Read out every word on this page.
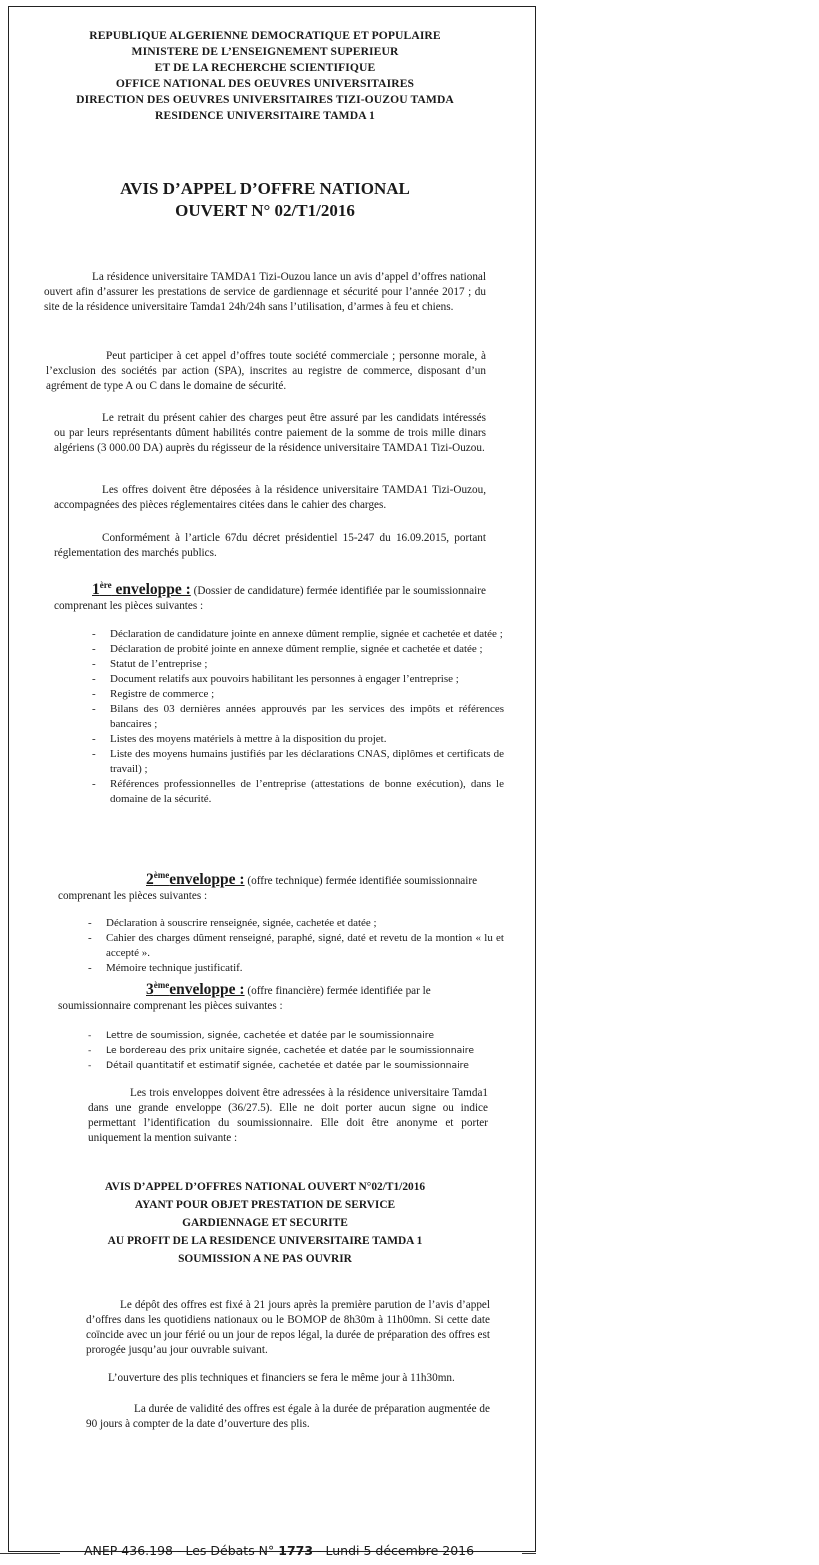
REPUBLIQUE ALGERIENNE DEMOCRATIQUE ET POPULAIRE
MINISTERE DE L’ENSEIGNEMENT SUPERIEUR
ET DE LA RECHERCHE SCIENTIFIQUE
OFFICE NATIONAL DES OEUVRES UNIVERSITAIRES
DIRECTION DES OEUVRES UNIVERSITAIRES TIZI-OUZOU TAMDA
RESIDENCE UNIVERSITAIRE TAMDA 1
AVIS D’APPEL D’OFFRE NATIONAL
OUVERT N° 02/T1/2016
La résidence universitaire TAMDA1 Tizi-Ouzou lance un avis d’appel d’offres national ouvert afin d’assurer les prestations de service de gardiennage et sécurité pour l’année 2017 ; du site de la résidence universitaire Tamda1 24h/24h sans l’utilisation, d’armes à feu et chiens.
Peut participer à cet appel d’offres toute société commerciale ; personne morale, à l’exclusion des sociétés par action (SPA), inscrites au registre de commerce, disposant d’un agrément de type A ou C dans le domaine de sécurité.
Le retrait du présent cahier des charges peut être assuré par les candidats intéressés ou par leurs représentants dûment habilités contre paiement de la somme de trois mille dinars algériens (3 000.00 DA) auprès du régisseur de la résidence universitaire TAMDA1 Tizi-Ouzou.
Les offres doivent être déposées à la résidence universitaire TAMDA1 Tizi-Ouzou, accompagnées des pièces réglementaires citées dans le cahier des charges.
Conformément à l’article 67du décret présidentiel 15-247 du 16.09.2015, portant réglementation des marchés publics.
1ère enveloppe : (Dossier de candidature) fermée identifiée par le soumissionnaire comprenant les pièces suivantes :
- Déclaration de candidature jointe en annexe dûment remplie, signée et cachetée et datée ;
- Déclaration de probité jointe en annexe dûment remplie, signée et cachetée et datée ;
- Statut de l’entreprise ;
- Document relatifs aux pouvoirs habilitant les personnes à engager l’entreprise ;
- Registre de commerce ;
- Bilans des 03 dernières années approuvés par les services des impôts et références bancaires ;
- Listes des moyens matériels à mettre à la disposition du projet.
- Liste des moyens humains justifiés par les déclarations CNAS, diplômes et certificats de travail) ;
- Références professionnelles de l’entreprise (attestations de bonne exécution), dans le domaine de la sécurité.
2èmeenveloppe : (offre technique) fermée identifiée soumissionnaire comprenant les pièces suivantes :
- Déclaration à souscrire renseignée, signée, cachetée et datée ;
- Cahier des charges dûment renseigné, paraphé, signé, daté et revetu de la montion « lu et accepté ».
- Mémoire technique justificatif.
3èmeenveloppe : (offre financière) fermée identifiée par le soumissionnaire comprenant les pièces suivantes :
- Lettre de soumission, signée, cachetée et datée par le soumissionnaire
- Le bordereau des prix unitaire signée, cachetée et datée par le soumissionnaire
- Détail quantitatif et estimatif signée, cachetée et datée par le soumissionnaire
Les trois enveloppes doivent être adressées à la résidence universitaire Tamda1 dans une grande enveloppe (36/27.5). Elle ne doit porter aucun signe ou indice permettant l’identification du soumissionnaire. Elle doit être anonyme et porter uniquement la mention suivante :
AVIS D’APPEL D’OFFRES NATIONAL OUVERT N°02/T1/2016
AYANT POUR OBJET PRESTATION DE SERVICE
GARDIENNAGE ET SECURITE
AU PROFIT DE LA RESIDENCE UNIVERSITAIRE TAMDA 1
SOUMISSION A NE PAS OUVRIR
Le dépôt des offres est fixé à 21 jours après la première parution de l’avis d’appel d’offres dans les quotidiens nationaux ou le BOMOP de 8h30m à 11h00mn. Si cette date coïncide avec un jour férié ou un jour de repos légal, la durée de préparation des offres est prorogée jusqu’au jour ouvrable suivant.
L’ouverture des plis techniques et financiers se fera le même jour à 11h30mn.
La durée de validité des offres est égale à la durée de préparation augmentée de 90 jours à compter de la date d’ouverture des plis.
ANEP 436.198 - Les Débats N° 1773 - Lundi 5 décembre 2016
